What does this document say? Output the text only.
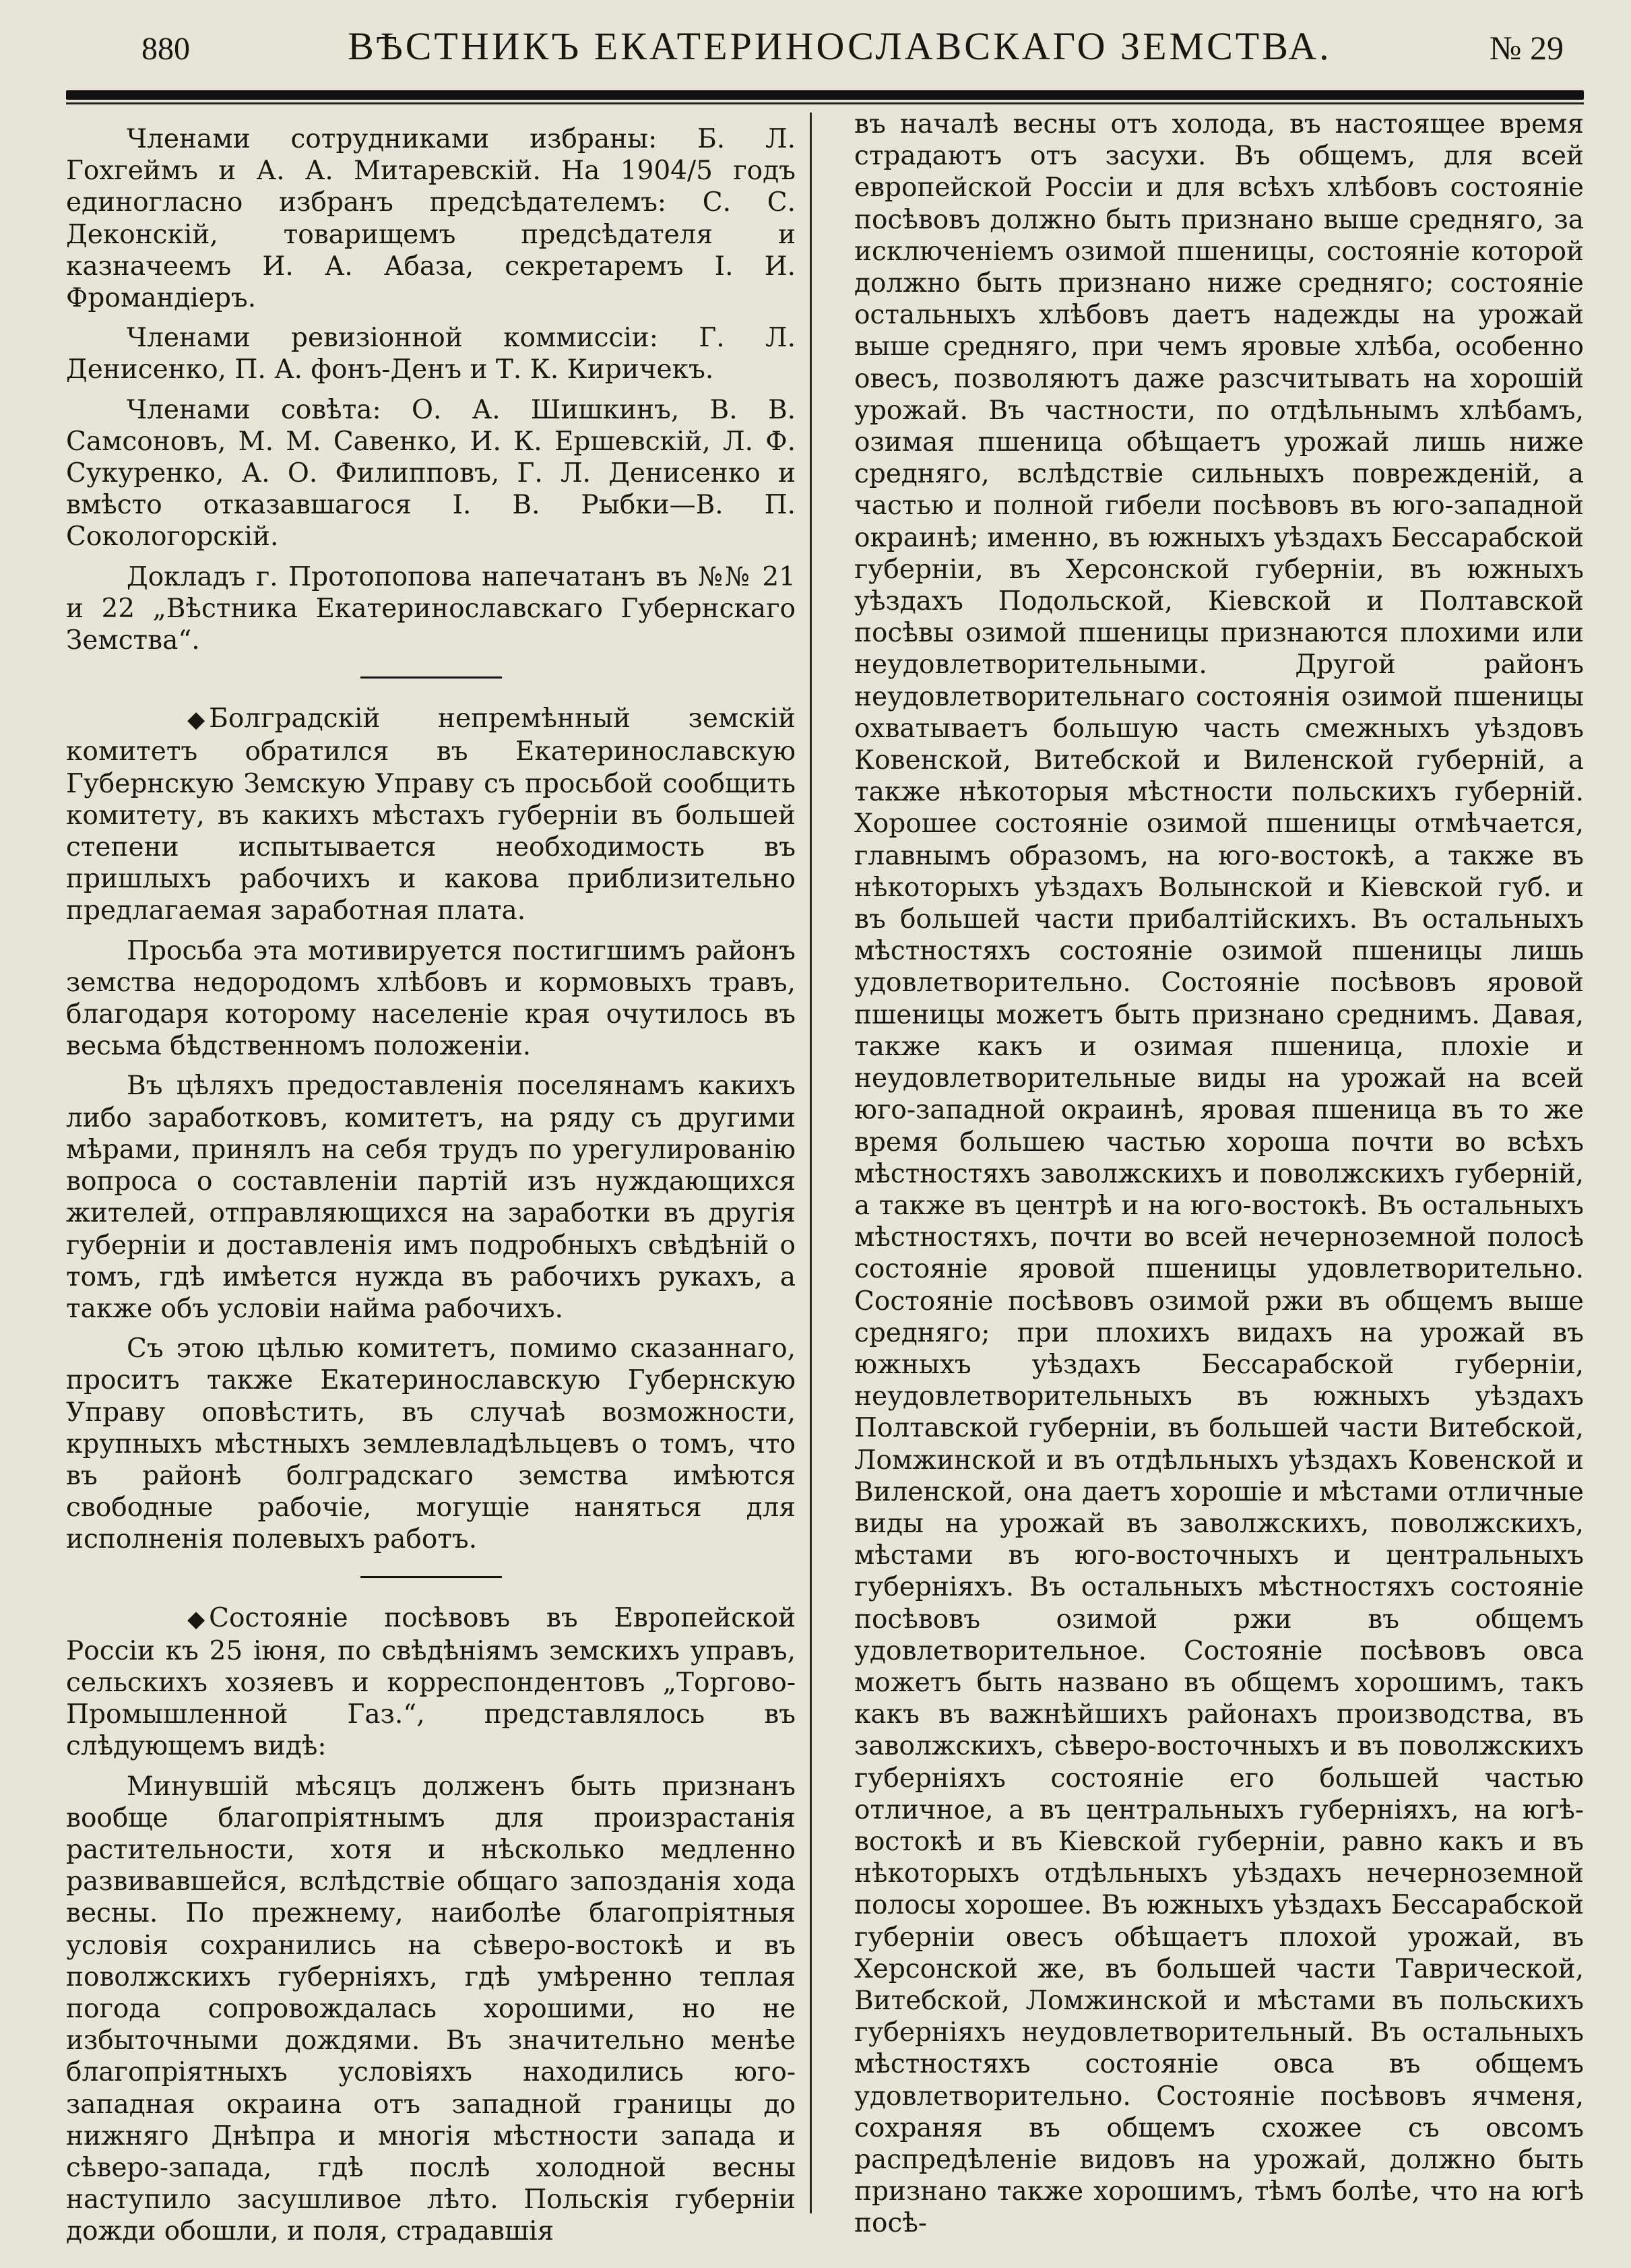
880	ВѢСТНИКЪ ЕКАТЕРИНОСЛАВСКАГО ЗЕМСТВА.	№ 29

Членами сотрудниками избраны: Б. Л. Гохгеймъ и А. А. Митаревскій. На 1904/5 годъ единогласно избранъ предсѣдателемъ: С. С. Деконскій, товарищемъ предсѣдателя и казначеемъ И. А. Абаза, секретаремъ І. И. Фромандіеръ.

Членами ревизіонной коммиссіи: Г. Л. Денисенко, П. А. фонъ-Денъ и Т. К. Киричекъ.

Членами совѣта: О. А. Шишкинъ, В. В. Самсоновъ, М. М. Савенко, И. К. Ершевскій, Л. Ф. Сукуренко, А. О. Филипповъ, Г. Л. Денисенко и вмѣсто отказавшагося І. В. Рыбки—В. П. Сокологорскій.

Докладъ г. Протопопова напечатанъ въ №№ 21 и 22 „Вѣстника Екатеринославскаго Губернскаго Земства“.

◆ Болградскій непремѣнный земскій комитетъ обратился въ Екатеринославскую Губернскую Земскую Управу съ просьбой сообщить комитету, въ какихъ мѣстахъ губерніи въ большей степени испытывается необходимость въ пришлыхъ рабочихъ и какова приблизительно предлагаемая заработная плата.

Просьба эта мотивируется постигшимъ районъ земства недородомъ хлѣбовъ и кормовыхъ травъ, благодаря которому населеніе края очутилось въ весьма бѣдственномъ положеніи.

Въ цѣляхъ предоставленія поселянамъ какихъ либо заработковъ, комитетъ, на ряду съ другими мѣрами, принялъ на себя трудъ по урегулированію вопроса о составленіи партій изъ нуждающихся жителей, отправляющихся на заработки въ другія губерніи и доставленія имъ подробныхъ свѣдѣній о томъ, гдѣ имѣется нужда въ рабочихъ рукахъ, а также объ условіи найма рабочихъ.

Съ этою цѣлью комитетъ, помимо сказаннаго, проситъ также Екатеринославскую Губернскую Управу оповѣстить, въ случаѣ возможности, крупныхъ мѣстныхъ землевладѣльцевъ о томъ, что въ районѣ болградскаго земства имѣются свободные рабочіе, могущіе наняться для исполненія полевыхъ работъ.

◆ Состояніе посѣвовъ въ Европейской Россіи къ 25 іюня, по свѣдѣніямъ земскихъ управъ, сельскихъ хозяевъ и корреспондентовъ „Торгово-Промышленной Газ.“, представлялось въ слѣдующемъ видѣ:

Минувшій мѣсяцъ долженъ быть признанъ вообще благопріятнымъ для произрастанія растительности, хотя и нѣсколько медленно развивавшейся, вслѣдствіе общаго запозданія хода весны. По прежнему, наиболѣе благопріятныя условія сохранились на сѣверо-востокѣ и въ поволжскихъ губерніяхъ, гдѣ умѣренно теплая погода сопровождалась хорошими, но не избыточными дождями. Въ значительно менѣе благопріятныхъ условіяхъ находились юго-западная окраина отъ западной границы до нижняго Днѣпра и многія мѣстности запада и сѣверо-запада, гдѣ послѣ холодной весны наступило засушливое лѣто. Польскія губерніи дожди обошли, и поля, страдавшія

въ началѣ весны отъ холода, въ настоящее время страдаютъ отъ засухи. Въ общемъ, для всей европейской Россіи и для всѣхъ хлѣбовъ состояніе посѣвовъ должно быть признано выше средняго, за исключеніемъ озимой пшеницы, состояніе которой должно быть признано ниже средняго; состояніе остальныхъ хлѣбовъ даетъ надежды на урожай выше средняго, при чемъ яровые хлѣба, особенно овесъ, позволяютъ даже разсчитывать на хорошій урожай. Въ частности, по отдѣльнымъ хлѣбамъ, озимая пшеница обѣщаетъ урожай лишь ниже средняго, вслѣдствіе сильныхъ поврежденій, а частью и полной гибели посѣвовъ въ юго-западной окраинѣ; именно, въ южныхъ уѣздахъ Бессарабской губерніи, въ Херсонской губерніи, въ южныхъ уѣздахъ Подольской, Кіевской и Полтавской посѣвы озимой пшеницы признаются плохими или неудовлетворительными. Другой районъ неудовлетворительнаго состоянія озимой пшеницы охватываетъ большую часть смежныхъ уѣздовъ Ковенской, Витебской и Виленской губерній, а также нѣкоторыя мѣстности польскихъ губерній. Хорошее состояніе озимой пшеницы отмѣчается, главнымъ образомъ, на юго-востокѣ, а также въ нѣкоторыхъ уѣздахъ Волынской и Кіевской губ. и въ большей части прибалтійскихъ. Въ остальныхъ мѣстностяхъ состояніе озимой пшеницы лишь удовлетворительно. Состояніе посѣвовъ яровой пшеницы можетъ быть признано среднимъ. Давая, также какъ и озимая пшеница, плохіе и неудовлетворительные виды на урожай на всей юго-западной окраинѣ, яровая пшеница въ то же время большею частью хороша почти во всѣхъ мѣстностяхъ заволжскихъ и поволжскихъ губерній, а также въ центрѣ и на юго-востокѣ. Въ остальныхъ мѣстностяхъ, почти во всей нечерноземной полосѣ состояніе яровой пшеницы удовлетворительно. Состояніе посѣвовъ озимой ржи въ общемъ выше средняго; при плохихъ видахъ на урожай въ южныхъ уѣздахъ Бессарабской губерніи, неудовлетворительныхъ въ южныхъ уѣздахъ Полтавской губерніи, въ большей части Витебской, Ломжинской и въ отдѣльныхъ уѣздахъ Ковенской и Виленской, она даетъ хорошіе и мѣстами отличные виды на урожай въ заволжскихъ, поволжскихъ, мѣстами въ юго-восточныхъ и центральныхъ губерніяхъ. Въ остальныхъ мѣстностяхъ состояніе посѣвовъ озимой ржи въ общемъ удовлетворительное. Состояніе посѣвовъ овса можетъ быть названо въ общемъ хорошимъ, такъ какъ въ важнѣйшихъ районахъ производства, въ заволжскихъ, сѣверо-восточныхъ и въ поволжскихъ губерніяхъ состояніе его большей частью отличное, а въ центральныхъ губерніяхъ, на югѣ-востокѣ и въ Кіевской губерніи, равно какъ и въ нѣкоторыхъ отдѣльныхъ уѣздахъ нечерноземной полосы хорошее. Въ южныхъ уѣздахъ Бессарабской губерніи овесъ обѣщаетъ плохой урожай, въ Херсонской же, въ большей части Таврической, Витебской, Ломжинской и мѣстами въ польскихъ губерніяхъ неудовлетворительный. Въ остальныхъ мѣстностяхъ состояніе овса въ общемъ удовлетворительно. Состояніе посѣвовъ ячменя, сохраняя въ общемъ схожее съ овсомъ распредѣленіе видовъ на урожай, должно быть признано также хорошимъ, тѣмъ болѣе, что на югѣ посѣ-
